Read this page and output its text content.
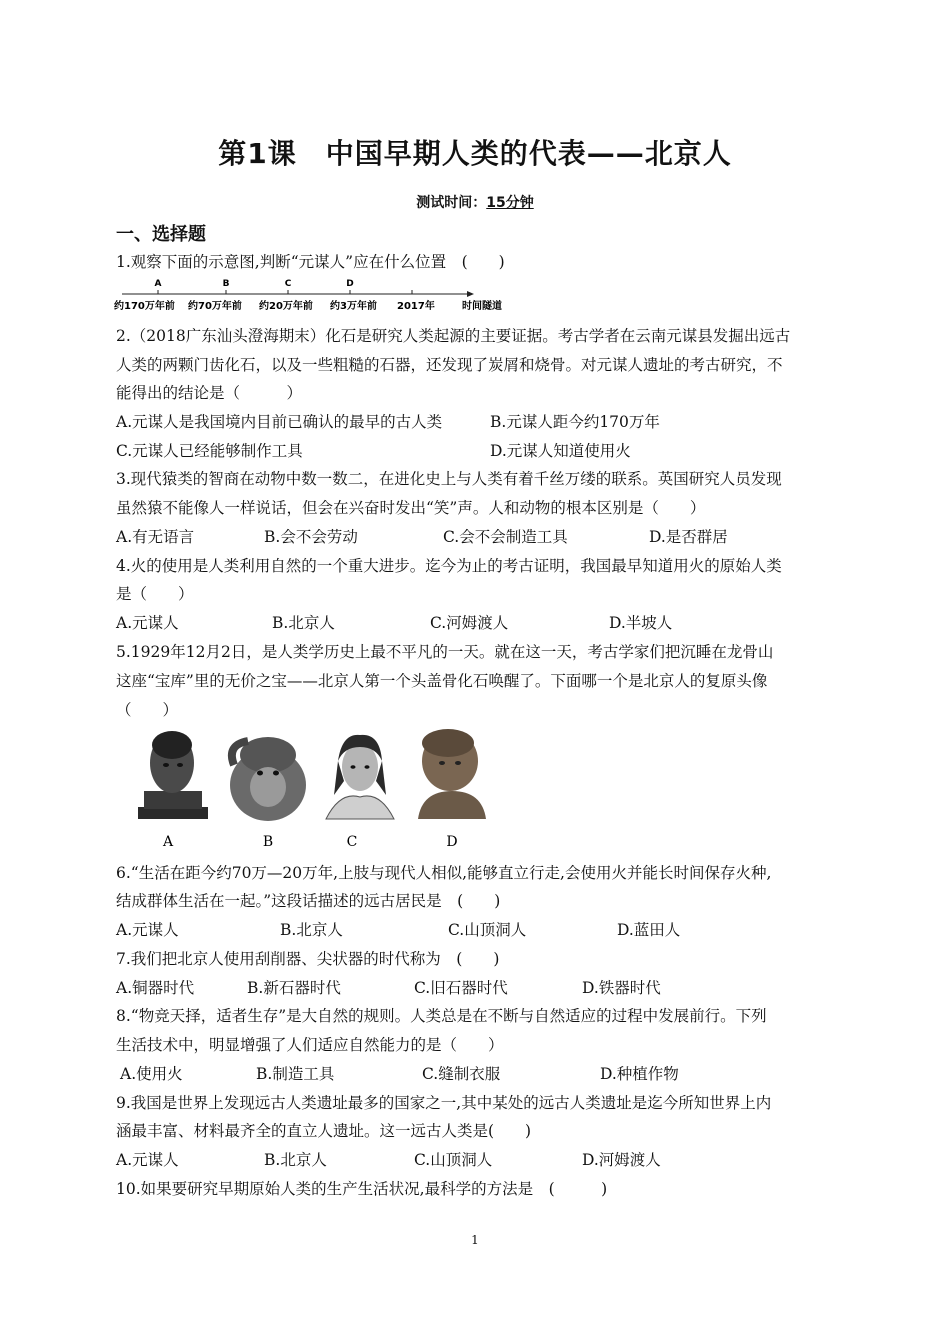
第1课　中国早期人类的代表——北京人
测试时间：15分钟
一、选择题
1.观察下面的示意图,判断“元谋人”应在什么位置　(　　)
A	B	C	D
约170万年前 约70万年前 约20万年前 约3万年前 2017年	时间隧道
2.（2018广东汕头澄海期末）化石是研究人类起源的主要证据。考古学者在云南元谋县发掘出远古
人类的两颗门齿化石，以及一些粗糙的石器，还发现了炭屑和烧骨。对元谋人遗址的考古研究，不
能得出的结论是（　　　）
A.元谋人是我国境内目前已确认的最早的古人类	B.元谋人距今约170万年
C.元谋人已经能够制作工具	D.元谋人知道使用火
3.现代猿类的智商在动物中数一数二，在进化史上与人类有着千丝万缕的联系。英国研究人员发现
虽然猿不能像人一样说话，但会在兴奋时发出“笑”声。人和动物的根本区别是（　　）
A.有无语言	B.会不会劳动	C.会不会制造工具	D.是否群居
4.火的使用是人类利用自然的一个重大进步。迄今为止的考古证明，我国最早知道用火的原始人类
是（　　）
A.元谋人	B.北京人	C.河姆渡人	D.半坡人
5.1929年12月2日，是人类学历史上最不平凡的一天。就在这一天，考古学家们把沉睡在龙骨山
这座“宝库”里的无价之宝——北京人第一个头盖骨化石唤醒了。下面哪一个是北京人的复原头像
（　　）
A	B	C	D
6.“生活在距今约70万—20万年,上肢与现代人相似,能够直立行走,会使用火并能长时间保存火种,
结成群体生活在一起。”这段话描述的远古居民是　(　　)
A.元谋人	B.北京人	C.山顶洞人	D.蓝田人
7.我们把北京人使用刮削器、尖状器的时代称为　(　　)
A.铜器时代	B.新石器时代	C.旧石器时代	D.铁器时代
8.“物竞天择，适者生存”是大自然的规则。人类总是在不断与自然适应的过程中发展前行。下列
生活技术中，明显增强了人们适应自然能力的是（　　）
A.使用火	B.制造工具	C.缝制衣服	D.种植作物
9.我国是世界上发现远古人类遗址最多的国家之一,其中某处的远古人类遗址是迄今所知世界上内
涵最丰富、材料最齐全的直立人遗址。这一远古人类是(　　)
A.元谋人	B.北京人	C.山顶洞人	D.河姆渡人
10.如果要研究早期原始人类的生产生活状况,最科学的方法是　(　　　)
1
